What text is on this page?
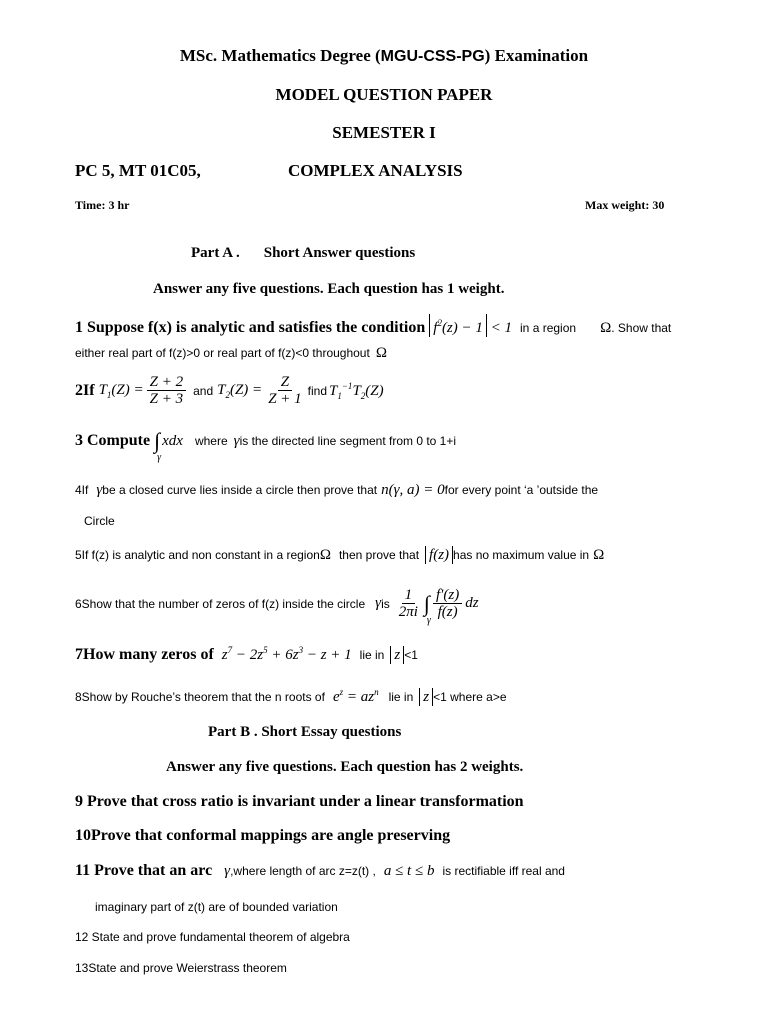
MSc. Mathematics Degree (MGU-CSS-PG) Examination
MODEL QUESTION PAPER
SEMESTER I
PC 5, MT 01C05,	COMPLEX ANALYSIS
Time: 3 hr	Max weight: 30
Part A . Short Answer questions
Answer any five questions. Each question has 1 weight.
1 Suppose f(x) is analytic and satisfies the condition $f^2(z) - 1 < 1$ in a region Ω. Show that
either real part of f(z)>0 or real part of f(z)<0 throughout Ω
2If $T_1(Z) = \frac{Z + 2}{Z + 3}$ and $T_2(Z) = \frac{Z}{Z + 1}$ find $T_1^{-1}T_2(Z)$
3 Compute ∫
γ
xdx where γ is the directed line segment from 0 to 1+i
4If γbe a closed curve lies inside a circle then prove that n(γ, a) = 0for every point ‘a ’outside the
Circle
5If f(z) is analytic and non constant in a regionΩ then prove that f(z) has no maximum value in Ω
6Show that the number of zeros of f(z) inside the circle γ is $\frac{1}{2\pi i}$ ∫
γ $\frac{f'(z)}{f(z)}$ dz
7How many zeros of $z^7 - 2z^5 + 6z^3 - z + 1$ lie in z <1
8Show by Rouche’s theorem that the n roots of $e^z = az^n$ lie in z <1 where a>e
Part B . Short Essay questions
Answer any five questions. Each question has 2 weights.
9 Prove that cross ratio is invariant under a linear transformation
10Prove that conformal mappings are angle preserving
11 Prove that an arc γ,where length of arc z=z(t) , a ≤ t ≤ b is rectifiable iff real and
imaginary part of z(t) are of bounded variation
12 State and prove fundamental theorem of algebra
13State and prove Weierstrass theorem
